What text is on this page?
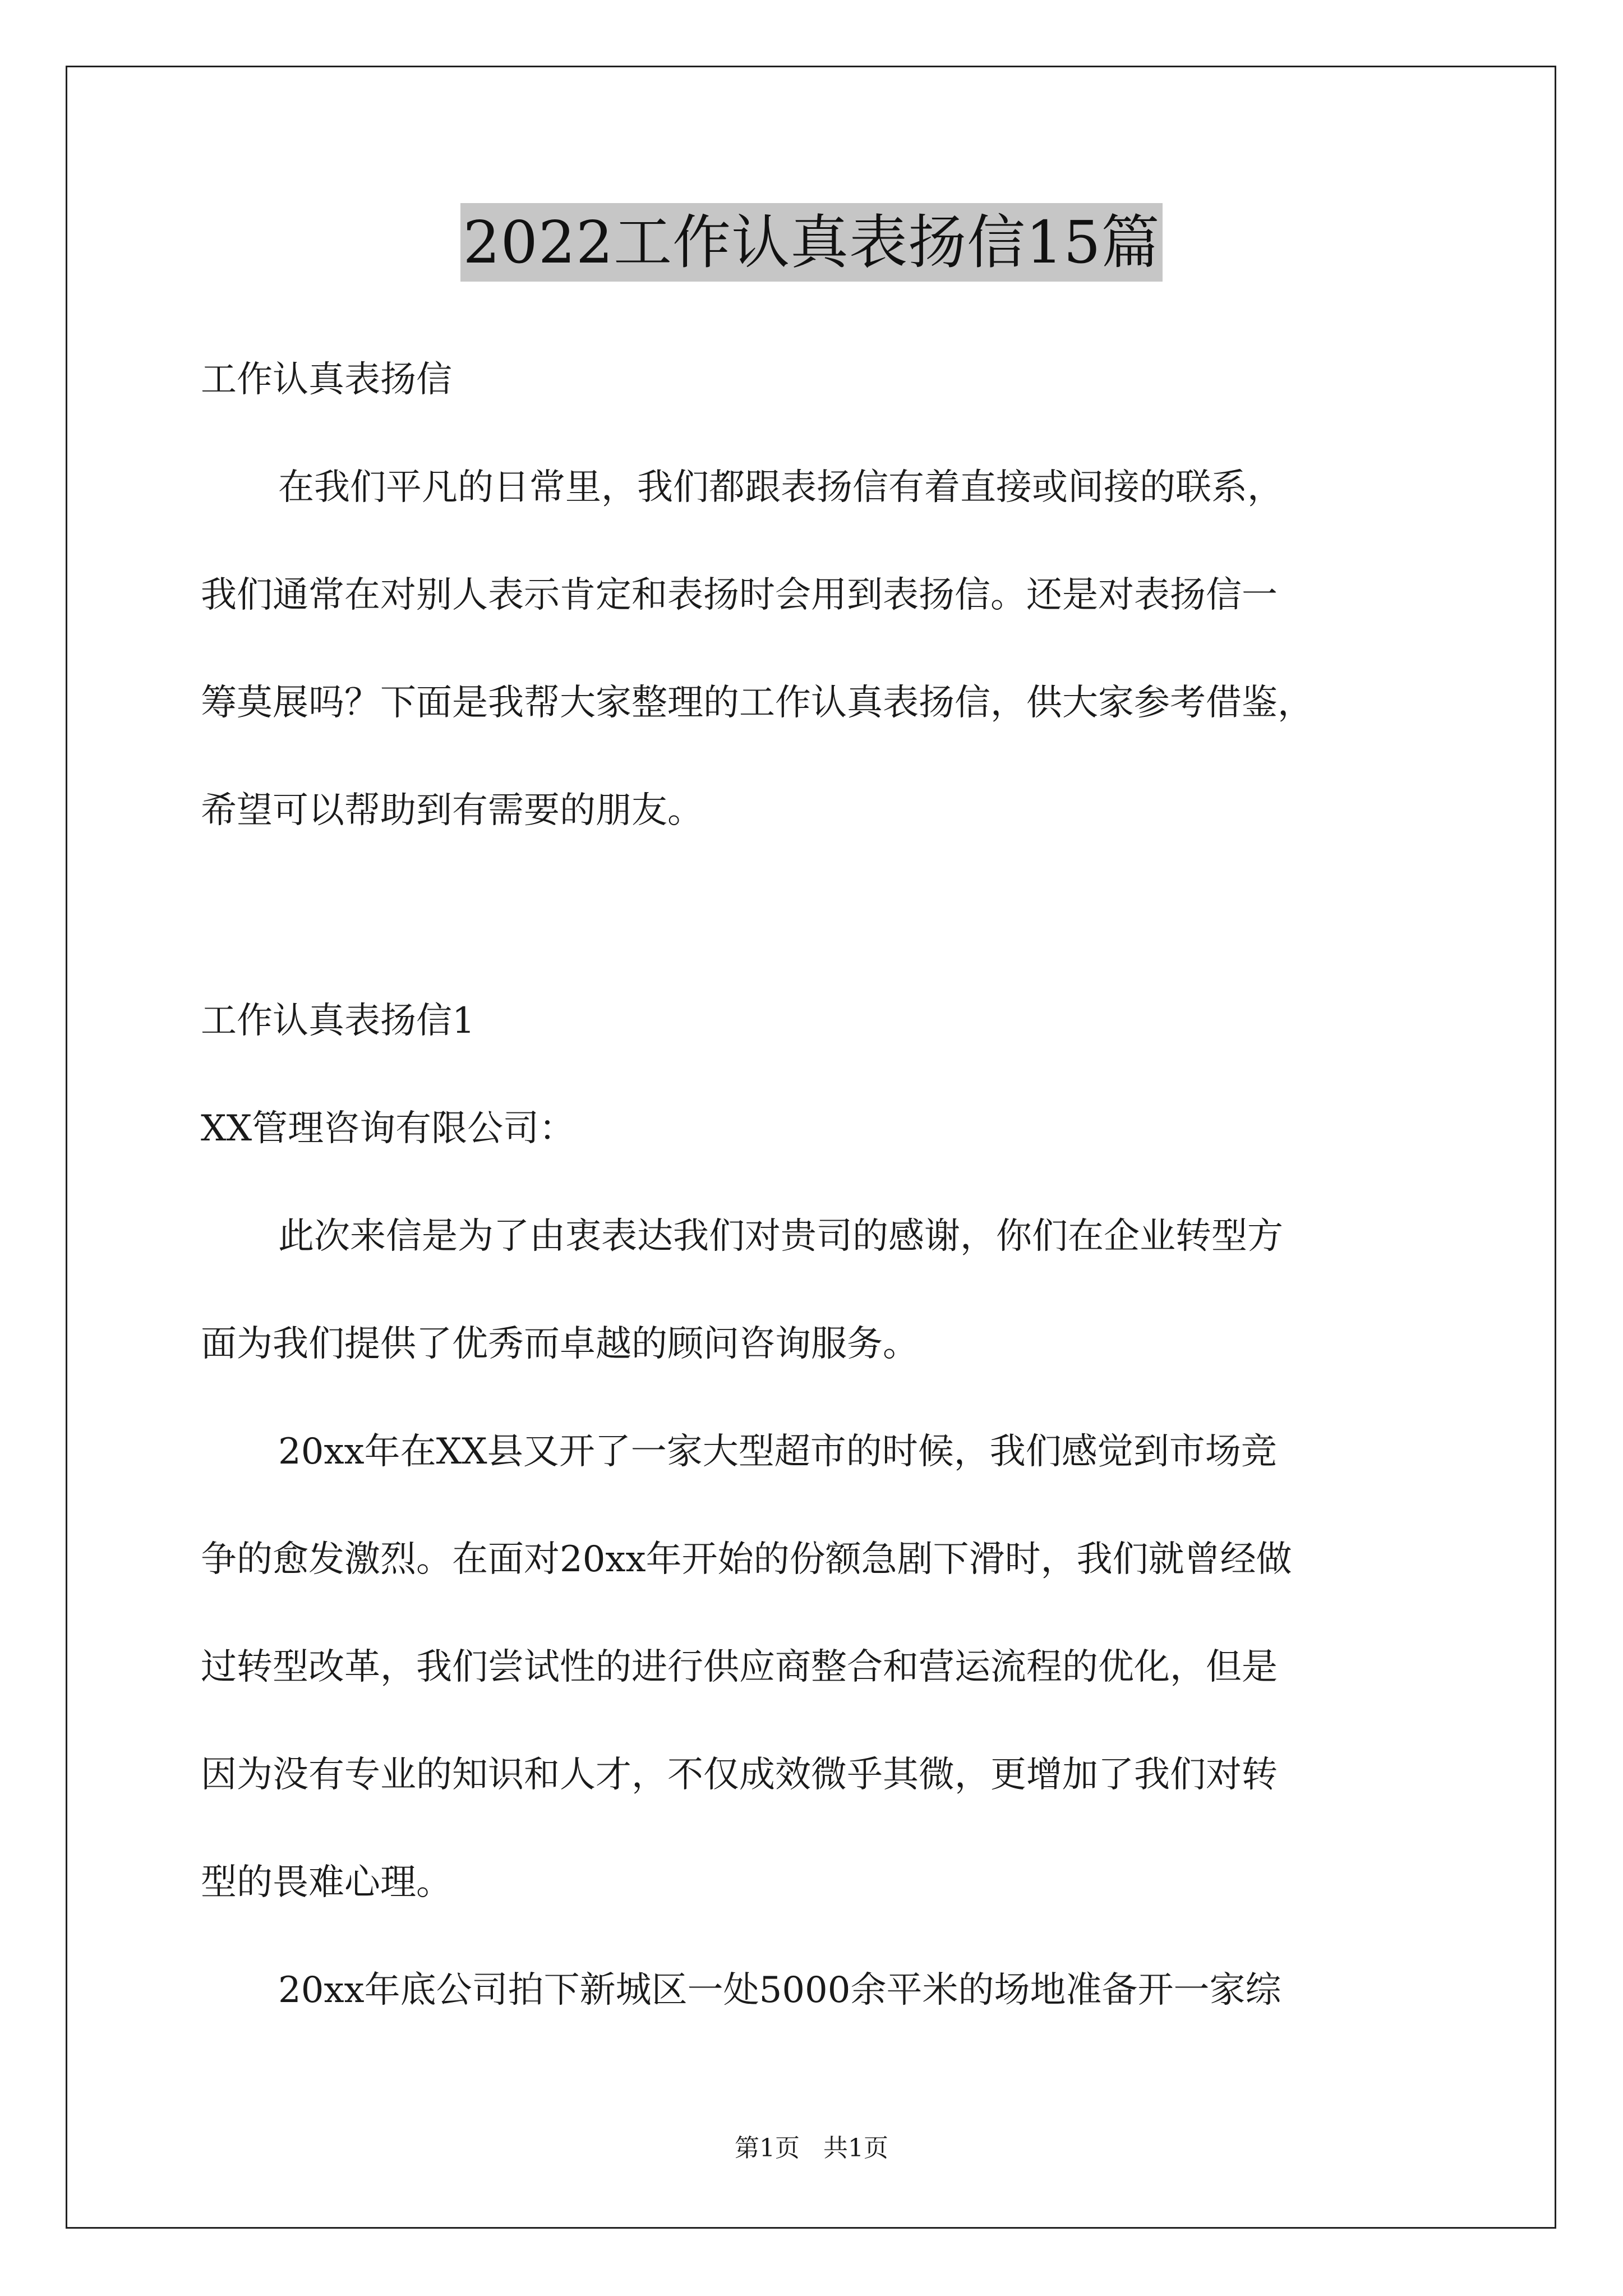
2022工作认真表扬信15篇
工作认真表扬信
在我们平凡的日常里，我们都跟表扬信有着直接或间接的联系，
我们通常在对别人表示肯定和表扬时会用到表扬信。还是对表扬信一
筹莫展吗？下面是我帮大家整理的工作认真表扬信，供大家参考借鉴，
希望可以帮助到有需要的朋友。
工作认真表扬信1
XX管理咨询有限公司：
此次来信是为了由衷表达我们对贵司的感谢，你们在企业转型方
面为我们提供了优秀而卓越的顾问咨询服务。
20xx年在XX县又开了一家大型超市的时候，我们感觉到市场竞
争的愈发激烈。在面对20xx年开始的份额急剧下滑时，我们就曾经做
过转型改革，我们尝试性的进行供应商整合和营运流程的优化，但是
因为没有专业的知识和人才，不仅成效微乎其微，更增加了我们对转
型的畏难心理。
20xx年底公司拍下新城区一处5000余平米的场地准备开一家综
第1页 共1页
